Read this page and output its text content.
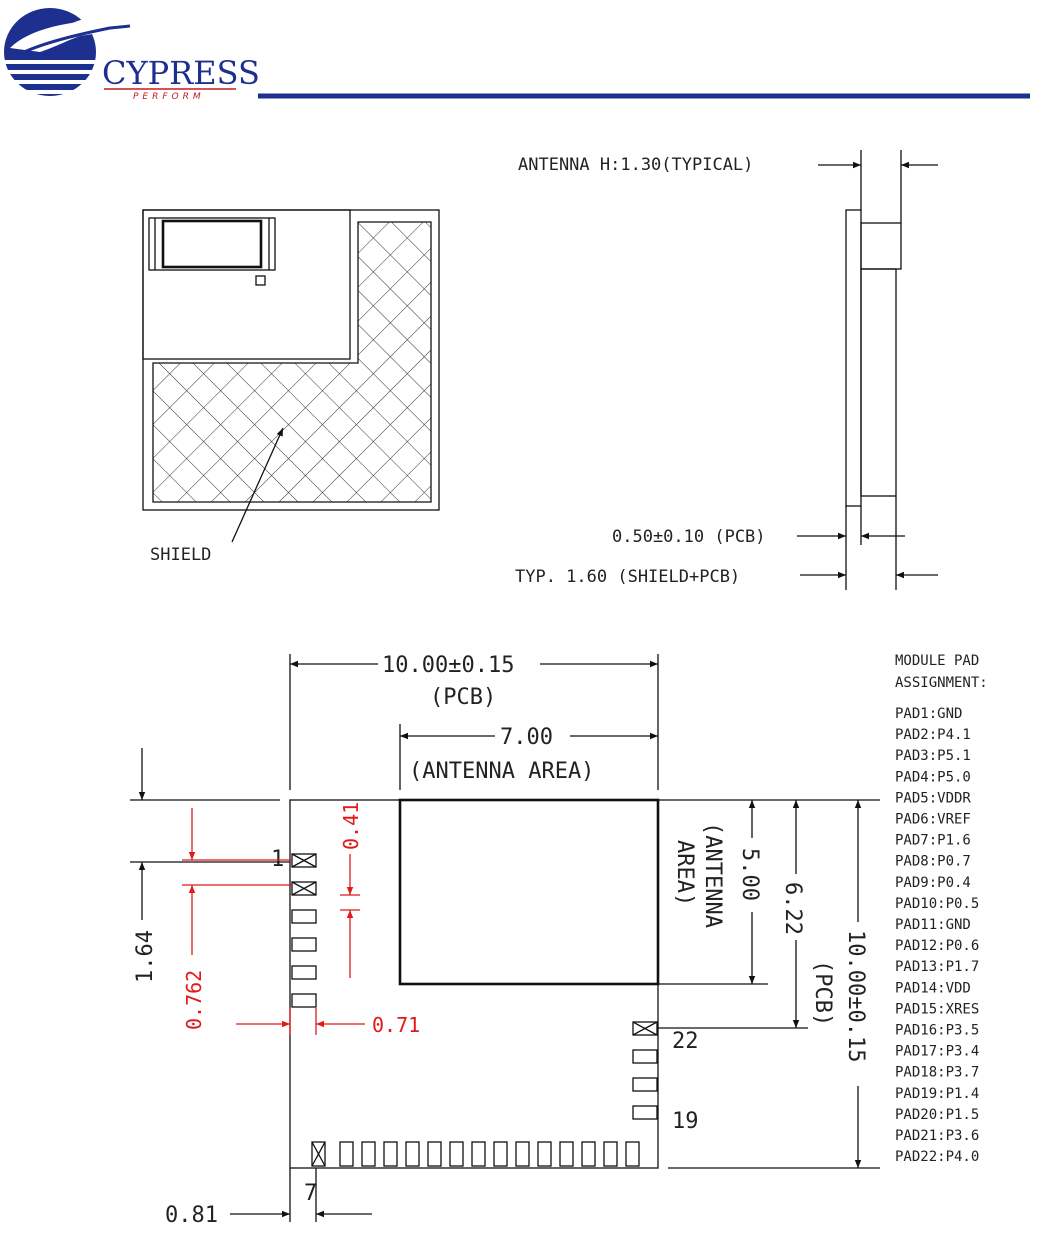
CYPRESS
PERFORM
SHIELD
ANTENNA H:1.30(TYPICAL)
0.50±0.10 (PCB)
TYP. 1.60 (SHIELD+PCB)
1
7
22
19
10.00±0.15
(PCB)
7.00
(ANTENNA AREA)
5.00
(ANTENNA
AREA)
6.22
10.00±0.15
(PCB)
1.64
0.762
0.41
0.71
0.81
MODULE PAD
ASSIGNMENT:
PAD1:GND
PAD2:P4.1
PAD3:P5.1
PAD4:P5.0
PAD5:VDDR
PAD6:VREF
PAD7:P1.6
PAD8:P0.7
PAD9:P0.4
PAD10:P0.5
PAD11:GND
PAD12:P0.6
PAD13:P1.7
PAD14:VDD
PAD15:XRES
PAD16:P3.5
PAD17:P3.4
PAD18:P3.7
PAD19:P1.4
PAD20:P1.5
PAD21:P3.6
PAD22:P4.0
